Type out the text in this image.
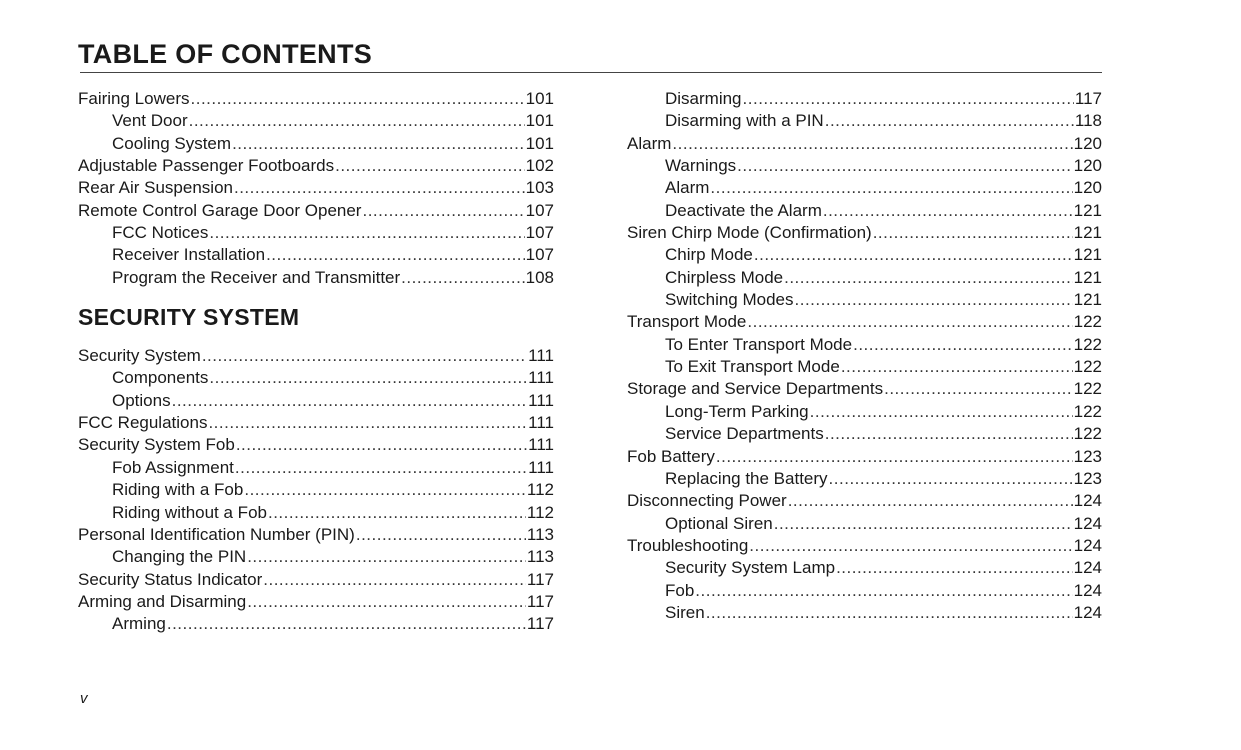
TABLE OF CONTENTS
Fairing Lowers .....	101
Vent Door .....	101
Cooling System .....	101
Adjustable Passenger Footboards .....	102
Rear Air Suspension .....	103
Remote Control Garage Door Opener .....	107
FCC Notices .....	107
Receiver Installation .....	107
Program the Receiver and Transmitter .....	108
SECURITY SYSTEM
Security System .....	111
Components .....	111
Options .....	111
FCC Regulations .....	111
Security System Fob .....	111
Fob Assignment .....	111
Riding with a Fob .....	112
Riding without a Fob .....	112
Personal Identification Number (PIN) .....	113
Changing the PIN .....	113
Security Status Indicator .....	117
Arming and Disarming .....	117
Arming .....	117
Disarming .....	117
Disarming with a PIN .....	118
Alarm .....	120
Warnings .....	120
Alarm .....	120
Deactivate the Alarm .....	121
Siren Chirp Mode (Confirmation) .....	121
Chirp Mode .....	121
Chirpless Mode .....	121
Switching Modes .....	121
Transport Mode .....	122
To Enter Transport Mode .....	122
To Exit Transport Mode .....	122
Storage and Service Departments .....	122
Long-Term Parking .....	122
Service Departments .....	122
Fob Battery .....	123
Replacing the Battery .....	123
Disconnecting Power .....	124
Optional Siren .....	124
Troubleshooting .....	124
Security System Lamp .....	124
Fob .....	124
Siren .....	124
v
